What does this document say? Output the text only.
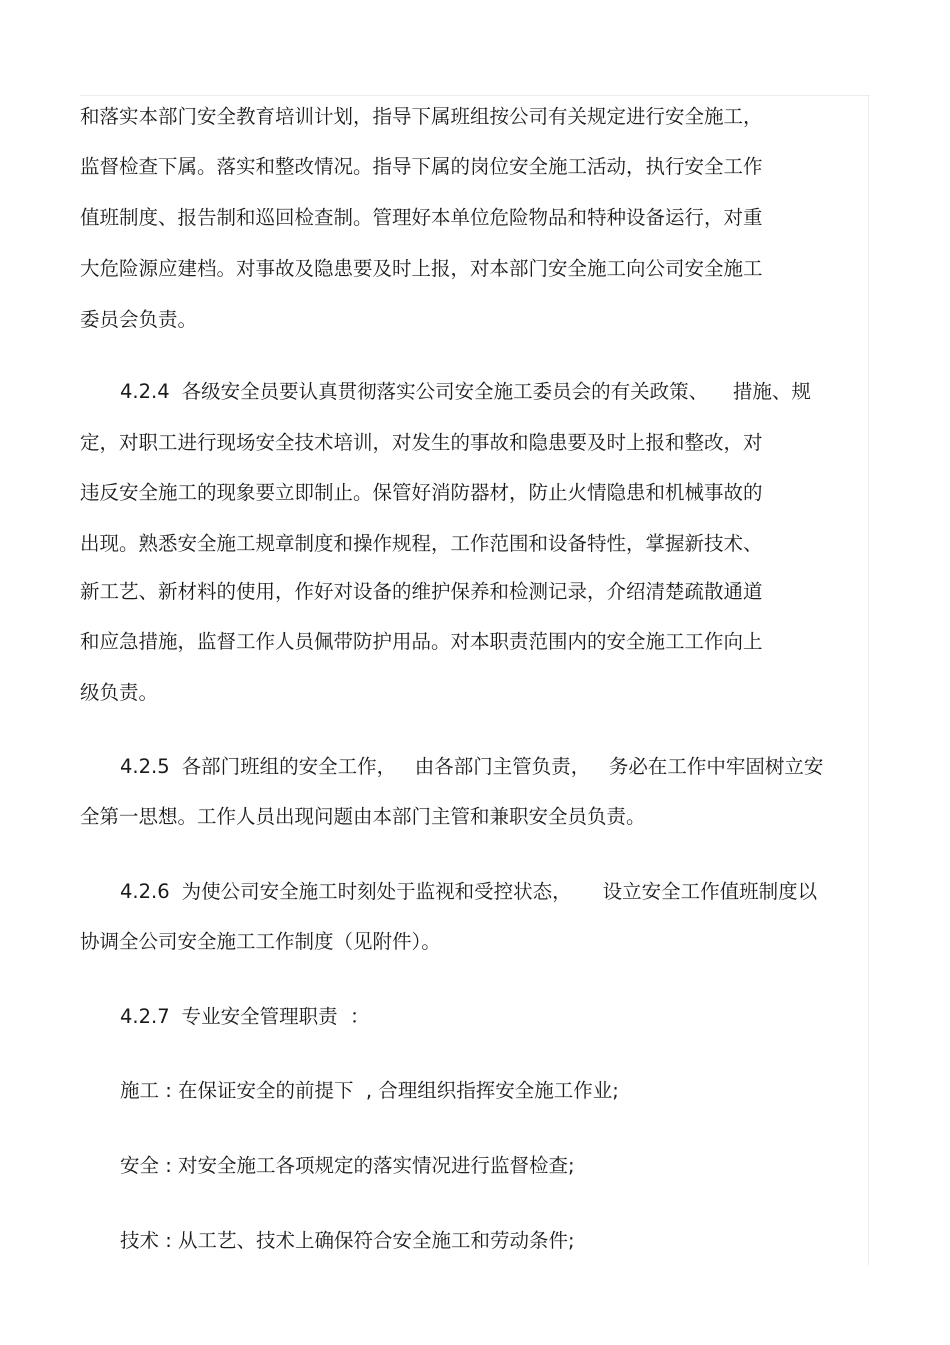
和落实本部门安全教育培训计划，指导下属班组按公司有关规定进行安全施工，
监督检查下属。落实和整改情况。指导下属的岗位安全施工活动，执行安全工作
值班制度、报告制和巡回检查制。管理好本单位危险物品和特种设备运行，对重
大危险源应建档。对事故及隐患要及时上报，对本部门安全施工向公司安全施工
委员会负责。
4.2.4 各级安全员要认真贯彻落实公司安全施工委员会的有关政策、    措施、规
定，对职工进行现场安全技术培训，对发生的事故和隐患要及时上报和整改，对
违反安全施工的现象要立即制止。保管好消防器材，防止火情隐患和机械事故的
出现。熟悉安全施工规章制度和操作规程，工作范围和设备特性，掌握新技术、
新工艺、新材料的使用，作好对设备的维护保养和检测记录，介绍清楚疏散通道
和应急措施，监督工作人员佩带防护用品。对本职责范围内的安全施工工作向上
级负责。
4.2.5 各部门班组的安全工作，   由各部门主管负责，   务必在工作中牢固树立安
全第一思想。工作人员出现问题由本部门主管和兼职安全员负责。
4.2.6 为使公司安全施工时刻处于监视和受控状态，     设立安全工作值班制度以
协调全公司安全施工工作制度（见附件）。
4.2.7 专业安全管理职责  ：
施工 : 在保证安全的前提下  , 合理组织指挥安全施工作业;
安全 : 对安全施工各项规定的落实情况进行监督检查;
技术 : 从工艺、技术上确保符合安全施工和劳动条件;
